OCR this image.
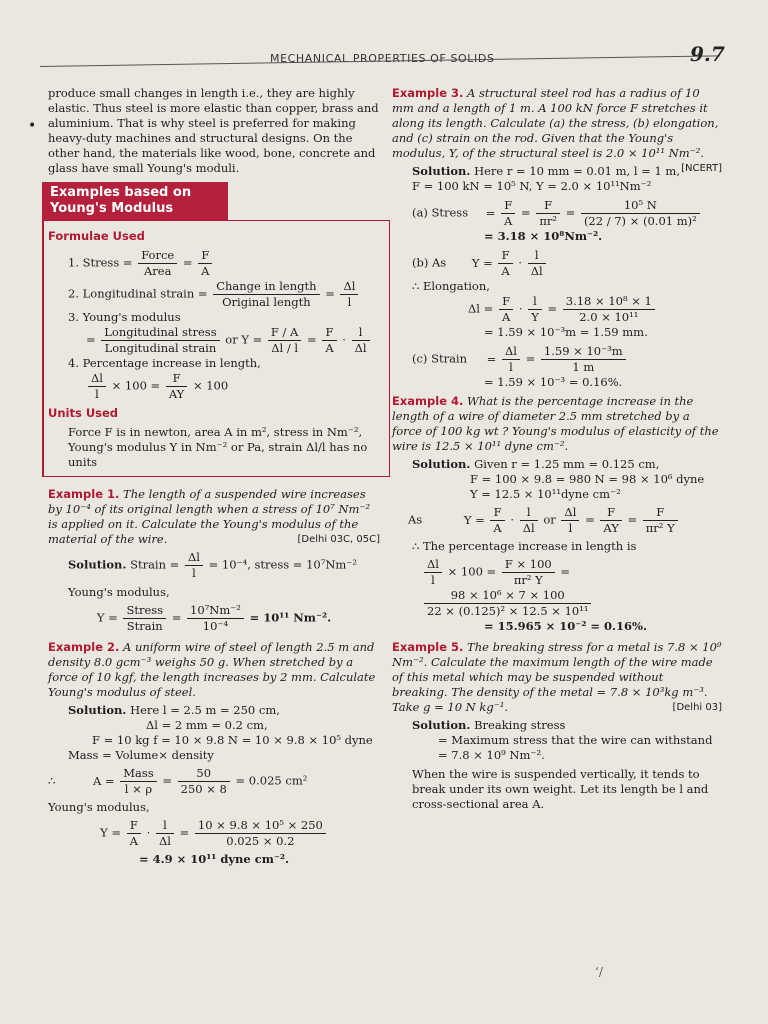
MECHANICAL PROPERTIES OF SOLIDS	9.7
•

produce small changes in length i.e., they are highly elastic. Thus steel is more elastic than copper, brass and aluminium. That is why steel is preferred for making heavy-duty machines and structural designs. On the other hand, the materials like wood, bone, concrete and glass have small Young's moduli.

Examples based on Young's Modulus
Formulae Used
1. Stress = $\frac{\text{Force}}{\text{Area}} = \frac{F}{A}$
2. Longitudinal strain = $\frac{\text{Change in length}}{\text{Original length}} = \frac{\Delta l}{l}$
3. Young's modulus
= $\frac{\text{Longitudinal stress}}{\text{Longitudinal strain}}$ or $Y = \frac{F / A}{\Delta l / l} = \frac{F}{A} \cdot \frac{l}{\Delta l}$
4. Percentage increase in length,
$\frac{\Delta l}{l} \times 100 = \frac{F}{AY} \times 100$
Units Used
Force F is in newton, area A in m², stress in Nm⁻², Young's modulus Y in Nm⁻² or Pa, strain Δl/l has no units

Example 1. The length of a suspended wire increases by 10⁻⁴ of its original length when a stress of 10⁷ Nm⁻² is applied on it. Calculate the Young's modulus of the material of the wire.	[Delhi 03C, 05C]

Solution. Strain = $\frac{\Delta l}{l} = 10^{-4}$, stress = 10⁷Nm⁻²
Young's modulus,
$Y = \frac{\text{Stress}}{\text{Strain}} = \frac{\text{10⁷Nm⁻²}}{\text{10⁻⁴}} = 10^{11}$ Nm⁻².

Example 2. A uniform wire of steel of length 2.5 m and density 8.0 gcm⁻³ weighs 50 g. When stretched by a force of 10 kgf, the length increases by 2 mm. Calculate Young's modulus of steel.

Solution. Here l = 2.5 m = 250 cm,
Δl = 2 mm = 0.2 cm,
F = 10 kg f = 10 × 9.8 N = 10 × 9.8 × 10⁵ dyne
Mass = Volume× density
∴	$A = \frac{\text{Mass}}{l \times \rho} = \frac{50}{250 \times 8} = 0.025$ cm²
Young's modulus,
$Y = \frac{F}{A} \cdot \frac{l}{\Delta l} = \frac{\text{10 × 9.8 × 10⁵ × 250}}{0.025 \times 0.2}$
= 4.9 × 10¹¹ dyne cm⁻².

Example 3. A structural steel rod has a radius of 10 mm and a length of 1 m. A 100 kN force F stretches it along its length. Calculate (a) the stress, (b) elongation, and (c) strain on the rod. Given that the Young's modulus, Y, of the structural steel is 2.0 × 10¹¹ Nm⁻².
[NCERT]

Solution. Here r = 10 mm = 0.01 m, l = 1 m,
F = 100 kN = 10⁵ N, Y = 2.0 × 10¹¹Nm⁻²
(a) Stress = $\frac{F}{A} = \frac{F}{\text{πr²}} = \frac{\text{10⁵ N}}{\text{(22 / 7) × (0.01 m)²}}$
= 3.18 × 10⁸Nm⁻².
(b) As $Y = \frac{F}{A} \cdot \frac{l}{\Delta l}$
∴ Elongation,
$\Delta l = \frac{F}{A} \cdot \frac{l}{Y} = \frac{\text{3.18 × 10⁸ × 1}}{\text{2.0 × 10¹¹}}$
= 1.59 × 10⁻³m = 1.59 mm.
(c) Strain = $\frac{\Delta l}{l} = \frac{\text{1.59 × 10⁻³m}}{1 m}$
= 1.59 × 10⁻³ = 0.16%.

Example 4. What is the percentage increase in the length of a wire of diameter 2.5 mm stretched by a force of 100 kg wt ? Young's modulus of elasticity of the wire is 12.5 × 10¹¹ dyne cm⁻².

Solution. Given r = 1.25 mm = 0.125 cm,
F = 100 × 9.8 = 980 N = 98 × 10⁶ dyne
Y = 12.5 × 10¹¹dyne cm⁻²
As	$Y = \frac{F}{A} \cdot \frac{l}{\Delta l}$ or $\frac{\Delta l}{l} = \frac{F}{AY} = \frac{F}{\text{πr² Y}}$
∴ The percentage increase in length is
$\frac{\Delta l}{l} \times 100 = \frac{F \times 100}{\text{πr² Y}}$ =
$\frac{\text{98 × 10⁶ × 7 × 100}}{\text{22 × (0.125)² × 12.5 × 10¹¹}}$
= 15.965 × 10⁻² = 0.16%.

Example 5. The breaking stress for a metal is 7.8 × 10⁹ Nm⁻². Calculate the maximum length of the wire made of this metal which may be suspended without breaking. The density of the metal = 7.8 × 10³kg m⁻³. Take g = 10 N kg⁻¹.	[Delhi 03]

Solution. Breaking stress
= Maximum stress that the wire can withstand
= 7.8 × 10⁹ Nm⁻².

When the wire is suspended vertically, it tends to break under its own weight. Let its length be l and cross-sectional area A.

ʻ/
